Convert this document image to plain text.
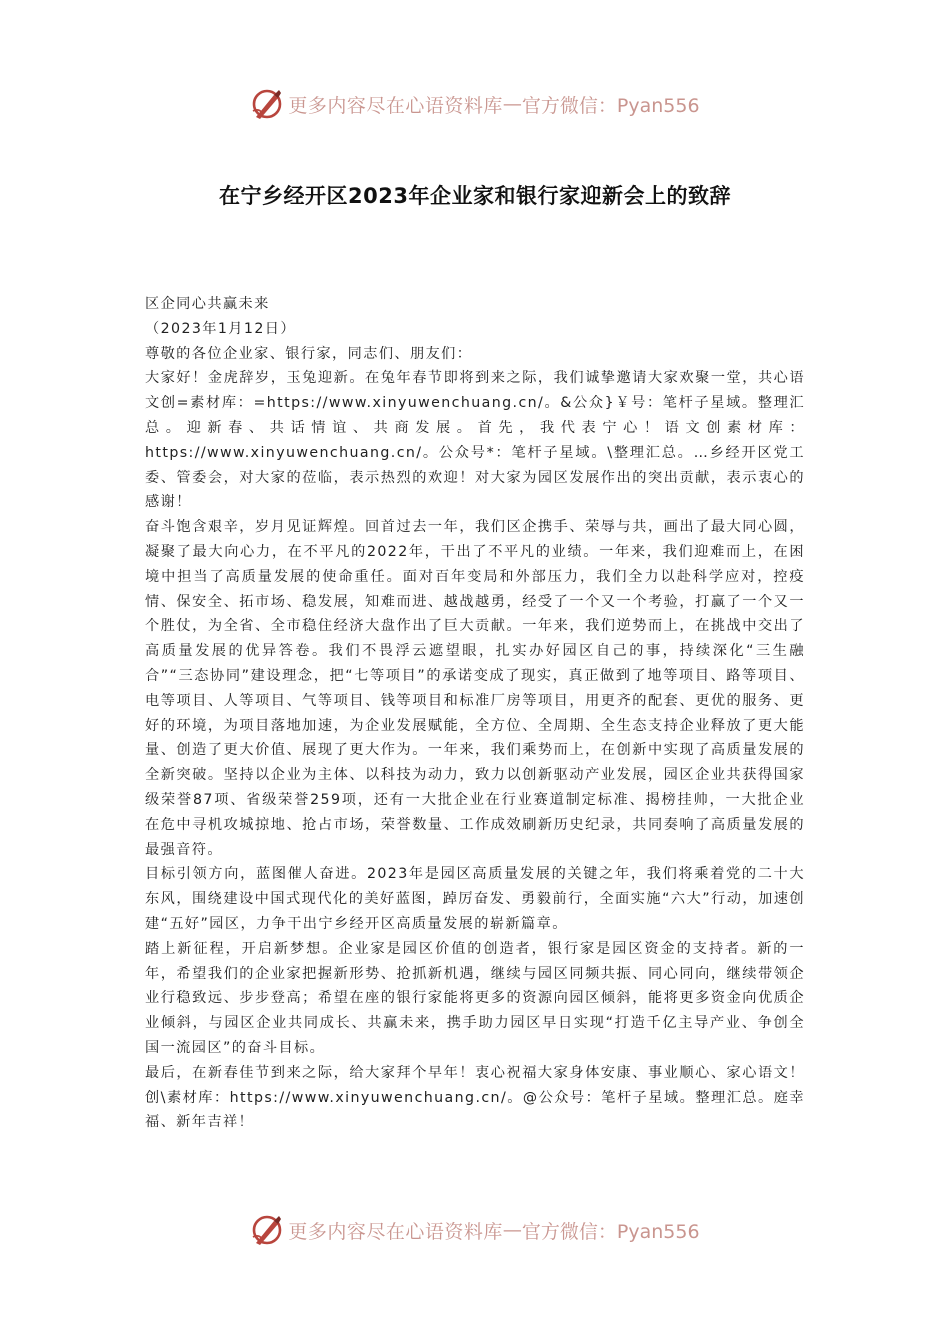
更多内容尽在心语资料库 — 官方微信：Pyan556
在宁乡经开区2023年企业家和银行家迎新会上的致辞

区企同心共赢未来

（2023年1月12日）

尊敬的各位企业家、银行家，同志们、朋友们：

大家好！金虎辞岁，玉兔迎新。在兔年春节即将到来之际，我们诚挚邀请大家欢聚一堂，共心语文创=素材库：=https://www.xinyuwenchuang.cn/。&公众}￥号：笔杆子星域。整理汇总。迎新春、共话情谊、共商发展。首先，我代表宁心！语文创素材库：https://www.xinyuwenchuang.cn/。公众号*：笔杆子星域。\整理汇总。…乡经开区党工委、管委会，对大家的莅临，表示热烈的欢迎！对大家为园区发展作出的突出贡献，表示衷心的感谢！

奋斗饱含艰辛，岁月见证辉煌。回首过去一年，我们区企携手、荣辱与共，画出了最大同心圆，凝聚了最大向心力，在不平凡的2022年，干出了不平凡的业绩。一年来，我们迎难而上，在困境中担当了高质量发展的使命重任。面对百年变局和外部压力，我们全力以赴科学应对，控疫情、保安全、拓市场、稳发展，知难而进、越战越勇，经受了一个又一个考验，打赢了一个又一个胜仗，为全省、全市稳住经济大盘作出了巨大贡献。一年来，我们逆势而上，在挑战中交出了高质量发展的优异答卷。我们不畏浮云遮望眼，扎实办好园区自己的事，持续深化“三生融合”“三态协同”建设理念，把“七等项目”的承诺变成了现实，真正做到了地等项目、路等项目、电等项目、人等项目、气等项目、钱等项目和标准厂房等项目，用更齐的配套、更优的服务、更好的环境，为项目落地加速，为企业发展赋能，全方位、全周期、全生态支持企业释放了更大能量、创造了更大价值、展现了更大作为。一年来，我们乘势而上，在创新中实现了高质量发展的全新突破。坚持以企业为主体、以科技为动力，致力以创新驱动产业发展，园区企业共获得国家级荣誉87项、省级荣誉259项，还有一大批企业在行业赛道制定标准、揭榜挂帅，一大批企业在危中寻机攻城掠地、抢占市场，荣誉数量、工作成效刷新历史纪录，共同奏响了高质量发展的最强音符。

目标引领方向，蓝图催人奋进。2023年是园区高质量发展的关键之年，我们将乘着党的二十大东风，围绕建设中国式现代化的美好蓝图，踔厉奋发、勇毅前行，全面实施“六大”行动，加速创建“五好”园区，力争干出宁乡经开区高质量发展的崭新篇章。

踏上新征程，开启新梦想。企业家是园区价值的创造者，银行家是园区资金的支持者。新的一年，希望我们的企业家把握新形势、抢抓新机遇，继续与园区同频共振、同心同向，继续带领企业行稳致远、步步登高；希望在座的银行家能将更多的资源向园区倾斜，能将更多资金向优质企业倾斜，与园区企业共同成长、共赢未来，携手助力园区早日实现“打造千亿主导产业、争创全国一流园区”的奋斗目标。

最后，在新春佳节到来之际，给大家拜个早年！衷心祝福大家身体安康、事业顺心、家心语文！创\素材库：https://www.xinyuwenchuang.cn/。@公众号：笔杆子星域。整理汇总。庭幸福、新年吉祥！

更多内容尽在心语资料库 — 官方微信：Pyan556
